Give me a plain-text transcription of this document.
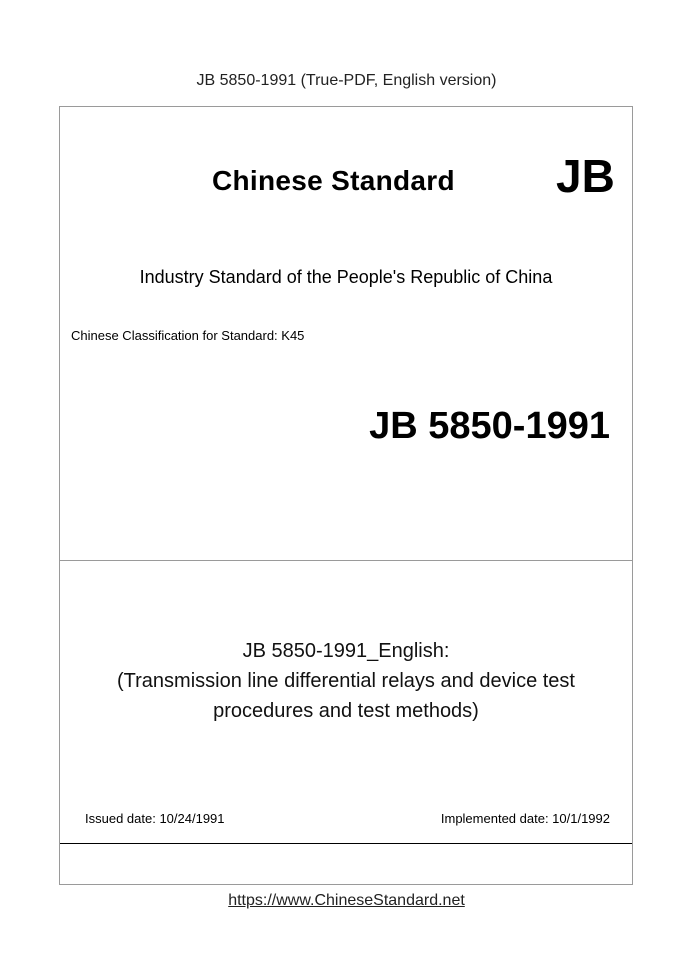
JB 5850-1991 (True-PDF, English version)
Chinese Standard JB
Industry Standard of the People's Republic of China
Chinese Classification for Standard: K45
JB 5850-1991
JB 5850-1991_English:
(Transmission line differential relays and device test
procedures and test methods)
Issued date: 10/24/1991	Implemented date: 10/1/1992
https://www.ChineseStandard.net
